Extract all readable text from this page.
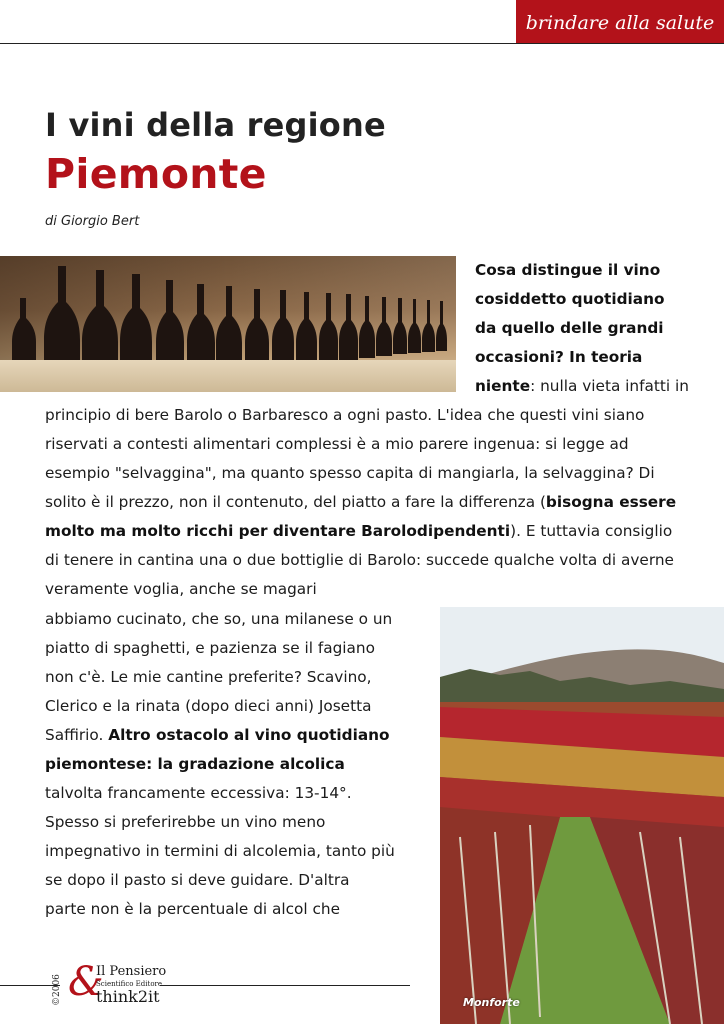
brindare alla salute
I vini della regione
Piemonte
di Giorgio Bert

Cosa distingue il vino cosiddetto quotidiano da quello delle grandi occasioni? In teoria niente: nulla vieta infatti in

principio di bere Barolo o Barbaresco a ogni pasto. L'idea che questi vini siano riservati a contesti alimentari complessi è a mio parere ingenua: si legge ad esempio "selvaggina", ma quanto spesso capita di mangiarla, la selvaggina? Di solito è il prezzo, non il contenuto, del piatto a fare la differenza (bisogna essere molto ma molto ricchi per diventare Barolodipendenti). E tuttavia consiglio di tenere in cantina una o due bottiglie di Barolo: succede qualche volta di averne veramente voglia, anche se magari

abbiamo cucinato, che so, una milanese o un piatto di spaghetti, e pazienza se il fagiano non c'è. Le mie cantine preferite? Scavino, Clerico e la rinata (dopo dieci anni) Josetta Saffirio. Altro ostacolo al vino quotidiano piemontese: la gradazione alcolica talvolta francamente eccessiva: 13-14°. Spesso si preferirebbe un vino meno impegnativo in termini di alcolemia, tanto più se dopo il pasto si deve guidare. D'altra parte non è la percentuale di alcol che

Monforte
©2006 &
Il Pensiero
Scientifico Editore
think2it
